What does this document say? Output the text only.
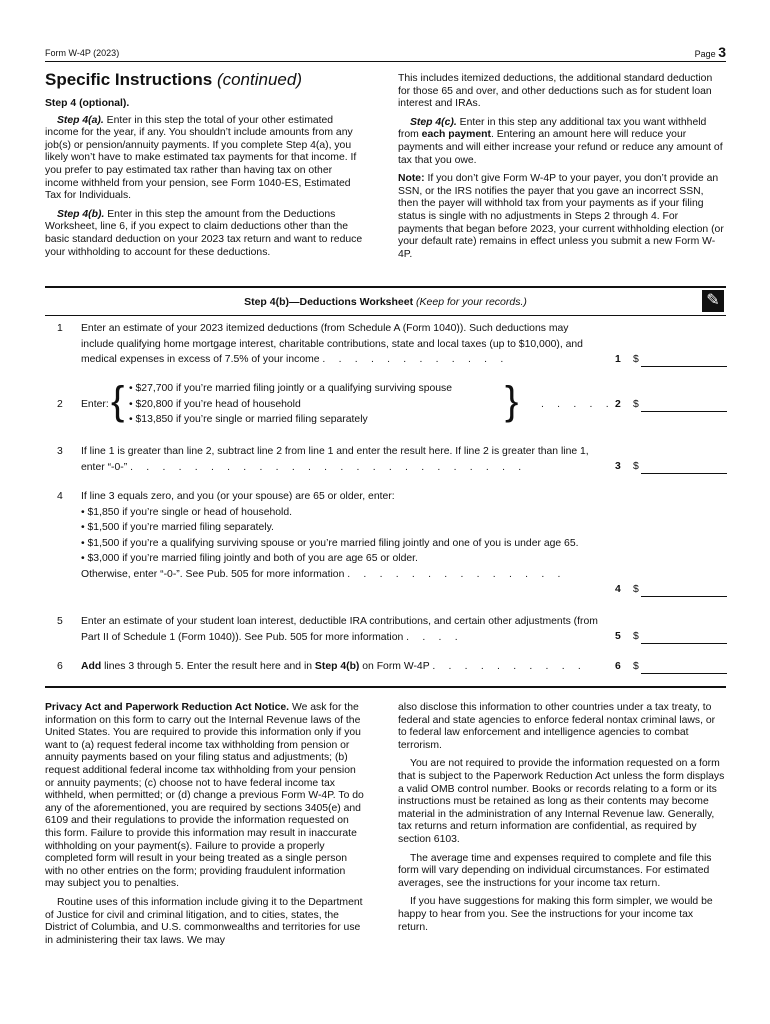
Form W-4P (2023)	Page 3
Specific Instructions (continued)
Step 4 (optional).

Step 4(a). Enter in this step the total of your other estimated income for the year, if any. You shouldn’t include amounts from any job(s) or pension/annuity payments. If you complete Step 4(a), you likely won’t have to make estimated tax payments for that income. If you prefer to pay estimated tax rather than having tax on other income withheld from your pension, see Form 1040-ES, Estimated Tax for Individuals.

Step 4(b). Enter in this step the amount from the Deductions Worksheet, line 6, if you expect to claim deductions other than the basic standard deduction on your 2023 tax return and want to reduce your withholding to account for these deductions.

This includes itemized deductions, the additional standard deduction for those 65 and over, and other deductions such as for student loan interest and IRAs.

Step 4(c). Enter in this step any additional tax you want withheld from each payment. Entering an amount here will reduce your payments and will either increase your refund or reduce any amount of tax that you owe.

Note: If you don’t give Form W-4P to your payer, you don’t provide an SSN, or the IRS notifies the payer that you gave an incorrect SSN, then the payer will withhold tax from your payments as if your filing status is single with no adjustments in Steps 2 through 4. For payments that began before 2023, your current withholding election (or your default rate) remains in effect unless you submit a new Form W-4P.

Step 4(b)—Deductions Worksheet (Keep for your records.)	✎
1 Enter an estimate of your 2023 itemized deductions (from Schedule A (Form 1040)). Such deductions may include qualifying home mortgage interest, charitable contributions, state and local taxes (up to $10,000), and medical expenses in excess of 7.5% of your income . . . . . . . . . . . .	1 $
2 Enter: { • $27,700 if you’re married filing jointly or a qualifying surviving spouse
• $20,800 if you’re head of household
• $13,850 if you’re single or married filing separately	} . . . . . 2 $
3 If line 1 is greater than line 2, subtract line 2 from line 1 and enter the result here. If line 2 is greater than line 1, enter “-0-” . . . . . . . . . . . . . . . . . . . . . . . . .	3 $
4 If line 3 equals zero, and you (or your spouse) are 65 or older, enter:
• $1,850 if you’re single or head of household.
• $1,500 if you’re married filing separately.
• $1,500 if you’re a qualifying surviving spouse or you’re married filing jointly and one of you is under age 65.
• $3,000 if you’re married filing jointly and both of you are age 65 or older.
Otherwise, enter “-0-”. See Pub. 505 for more information . . . . . . . . . . . . . .
4 $
5 Enter an estimate of your student loan interest, deductible IRA contributions, and certain other adjustments (from Part II of Schedule 1 (Form 1040)). See Pub. 505 for more information . . . .	5 $
6 Add lines 3 through 5. Enter the result here and in Step 4(b) on Form W-4P . . . . . . . . . .	6 $

Privacy Act and Paperwork Reduction Act Notice. We ask for the information on this form to carry out the Internal Revenue laws of the United States. You are required to provide this information only if you want to (a) request federal income tax withholding from pension or annuity payments based on your filing status and adjustments; (b) request additional federal income tax withholding from your pension or annuity payments; (c) choose not to have federal income tax withheld, when permitted; or (d) change a previous Form W-4P. To do any of the aforementioned, you are required by sections 3405(e) and 6109 and their regulations to provide the information requested on this form. Failure to provide this information may result in inaccurate withholding on your payment(s). Failure to provide a properly completed form will result in your being treated as a single person with no other entries on the form; providing fraudulent information may subject you to penalties.

Routine uses of this information include giving it to the Department of Justice for civil and criminal litigation, and to cities, states, the District of Columbia, and U.S. commonwealths and territories for use in administering their tax laws. We may

also disclose this information to other countries under a tax treaty, to federal and state agencies to enforce federal nontax criminal laws, or to federal law enforcement and intelligence agencies to combat terrorism.

You are not required to provide the information requested on a form that is subject to the Paperwork Reduction Act unless the form displays a valid OMB control number. Books or records relating to a form or its instructions must be retained as long as their contents may become material in the administration of any Internal Revenue law. Generally, tax returns and return information are confidential, as required by section 6103.

The average time and expenses required to complete and file this form will vary depending on individual circumstances. For estimated averages, see the instructions for your income tax return.

If you have suggestions for making this form simpler, we would be happy to hear from you. See the instructions for your income tax return.
